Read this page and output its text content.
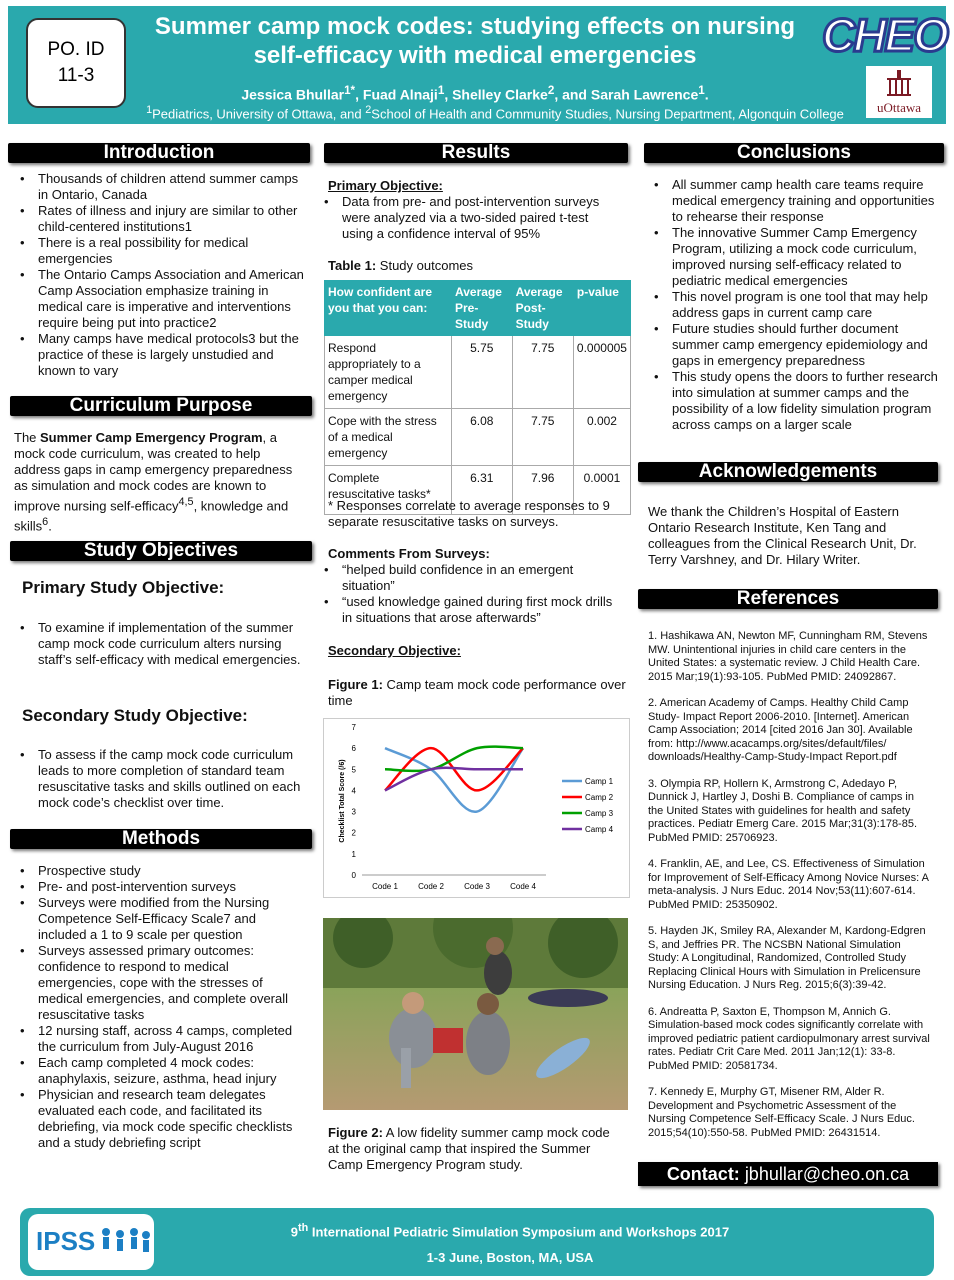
PO. ID
11-3
Summer camp mock codes: studying effects on nursing
self-efficacy with medical emergencies
Jessica Bhullar$^{1*}$, Fuad Alnaji$^1$, Shelley Clarke$^2$, and Sarah Lawrence$^1$.
$^1$Pediatrics, University of Ottawa, and $^2$School of Health and Community Studies, Nursing Department, Algonquin College
CHEO
uOttawa
Introduction
• Thousands of children attend summer camps in Ontario, Canada
• Rates of illness and injury are similar to other child-centered institutions1
• There is a real possibility for medical emergencies
• The Ontario Camps Association and American Camp Association emphasize training in medical care is imperative and interventions require being put into practice2
• Many camps have medical protocols3 but the practice of these is largely unstudied and known to vary
Curriculum Purpose
The Summer Camp Emergency Program, a mock code curriculum, was created to help address gaps in camp emergency preparedness as simulation and mock codes are known to improve nursing self-efficacy$^{4,5}$, knowledge and skills$^6$.
Study Objectives
Primary Study Objective:
• To examine if implementation of the summer camp mock code curriculum alters nursing staff’s self-efficacy with medical emergencies.
Secondary Study Objective:
• To assess if the camp mock code curriculum leads to more completion of standard team resuscitative tasks and skills outlined on each mock code’s checklist over time.
Methods
• Prospective study
• Pre- and post-intervention surveys
• Surveys were modified from the Nursing Competence Self-Efficacy Scale7 and included a 1 to 9 scale per question
• Surveys assessed primary outcomes: confidence to respond to medical emergencies, cope with the stresses of medical emergencies, and complete overall resuscitative tasks
• 12 nursing staff, across 4 camps, completed the curriculum from July-August 2016
• Each camp completed 4 mock codes: anaphylaxis, seizure, asthma, head injury
• Physician and research team delegates evaluated each code, and facilitated its debriefing, via mock code specific checklists and a study debriefing script
Results
Primary Objective:
• Data from pre- and post-intervention surveys were analyzed via a two-sided paired t-test using a confidence interval of 95%
Table 1: Study outcomes
How confident are you that you can:	Average Pre-Study	Average Post-Study	p-value
Respond appropriately to a camper medical emergency	5.75	7.75	0.000005
Cope with the stress of a medical emergency	6.08	7.75	0.002
Complete resuscitative tasks*	6.31	7.96	0.0001
* Responses correlate to average responses to 9 separate resuscitative tasks on surveys.
Comments From Surveys:
• “helped build confidence in an emergent situation”
• “used knowledge gained during first mock drills in situations that arose afterwards”
Secondary Objective:
Figure 1: Camp team mock code performance over time
0
1
2
3
4
5
6
7
Code 1	Code 2	Code 3	Code 4
Checklist Total Score (/6)	Camp 1
Camp 2
Camp 3
Camp 4
Figure 2: A low fidelity summer camp mock code at the original camp that inspired the Summer Camp Emergency Program study.
Conclusions
• All summer camp health care teams require medical emergency training and opportunities to rehearse their response
• The innovative Summer Camp Emergency Program, utilizing a mock code curriculum, improved nursing self-efficacy related to pediatric medical emergencies
• This novel program is one tool that may help address gaps in current camp care
• Future studies should further document summer camp emergency epidemiology and gaps in emergency preparedness
• This study opens the doors to further research into simulation at summer camps and the possibility of a low fidelity simulation program across camps on a larger scale
Acknowledgements
We thank the Children’s Hospital of Eastern Ontario Research Institute, Ken Tang and colleagues from the Clinical Research Unit, Dr. Terry Varshney, and Dr. Hilary Writer.
References
1. Hashikawa AN, Newton MF, Cunningham RM, Stevens MW. Unintentional injuries in child care centers in the United States: a systematic review. J Child Health Care. 2015 Mar;19(1):93-105. PubMed PMID: 24092867.
2. American Academy of Camps. Healthy Child Camp Study- Impact Report 2006-2010. [Internet]. American Camp Association; 2014 [cited 2016 Jan 30]. Available from: http://www.acacamps.org/sites/default/files/ downloads/Healthy-Camp-Study-Impact Report.pdf
3. Olympia RP, Hollern K, Armstrong C, Adedayo P, Dunnick J, Hartley J, Doshi B. Compliance of camps in the United States with guidelines for health and safety practices. Pediatr Emerg Care. 2015 Mar;31(3):178-85. PubMed PMID: 25706923.
4. Franklin, AE, and Lee, CS. Effectiveness of Simulation for Improvement of Self-Efficacy Among Novice Nurses: A meta-analysis. J Nurs Educ. 2014 Nov;53(11):607-614. PubMed PMID: 25350902.
5. Hayden JK, Smiley RA, Alexander M, Kardong-Edgren S, and Jeffries PR. The NCSBN National Simulation Study: A Longitudinal, Randomized, Controlled Study Replacing Clinical Hours with Simulation in Prelicensure Nursing Education. J Nurs Reg. 2015;6(3):39-42.
6. Andreatta P, Saxton E, Thompson M, Annich G. Simulation-based mock codes significantly correlate with improved pediatric patient cardiopulmonary arrest survival rates. Pediatr Crit Care Med. 2011 Jan;12(1): 33-8. PubMed PMID: 20581734.
7. Kennedy E, Murphy GT, Misener RM, Alder R. Development and Psychometric Assessment of the Nursing Competence Self-Efficacy Scale. J Nurs Educ. 2015;54(10):550-58. PubMed PMID: 26431514.
Contact: jbhullar@cheo.on.ca
IPSS	9th International Pediatric Simulation Symposium and Workshops 2017
1-3 June, Boston, MA, USA
